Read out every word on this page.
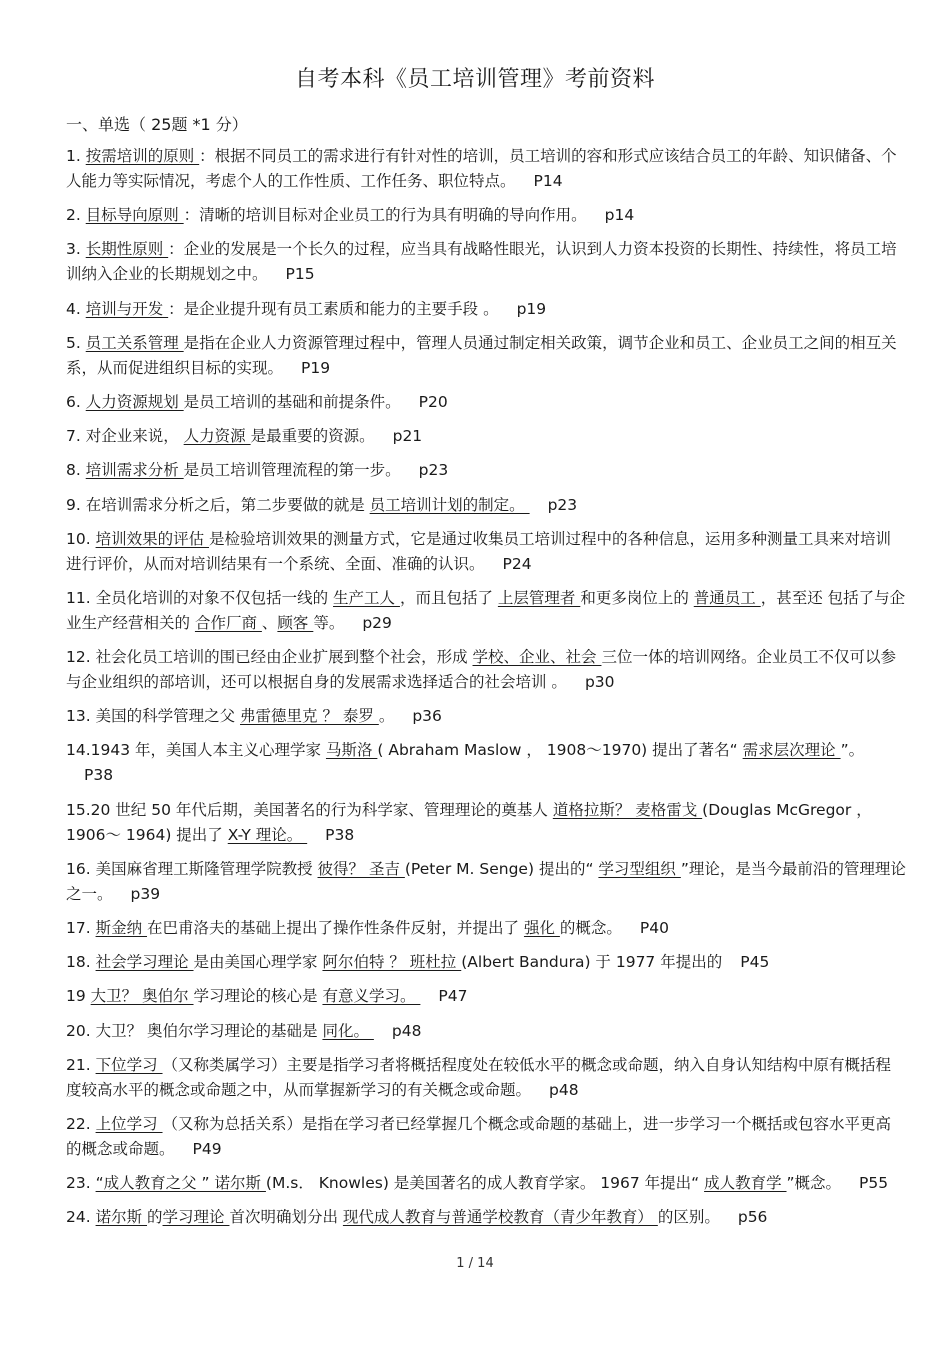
自考本科《员工培训管理》考前资料
一、单选（ 25题 *1 分）
1. 按需培训的原则 ：根据不同员工的需求进行有针对性的培训，员工培训的容和形式应该结合员工的年龄、知识储备、个人能力等实际情况，考虑个人的工作性质、工作任务、职位特点。 P14
2. 目标导向原则 ：清晰的培训目标对企业员工的行为具有明确的导向作用。 p14
3. 长期性原则 ：企业的发展是一个长久的过程，应当具有战略性眼光，认识到人力资本投资的长期性、持续性，将员工培训纳入企业的长期规划之中。 P15
4. 培训与开发 ：是企业提升现有员工素质和能力的主要手段 。 p19
5. 员工关系管理 是指在企业人力资源管理过程中，管理人员通过制定相关政策，调节企业和员工、企业员工之间的相互关系，从而促进组织目标的实现。 P19
6. 人力资源规划 是员工培训的基础和前提条件。 P20
7. 对企业来说， 人力资源 是最重要的资源。 p21
8. 培训需求分析 是员工培训管理流程的第一步。 p23
9. 在培训需求分析之后，第二步要做的就是 员工培训计划的制定。 p23
10. 培训效果的评估 是检验培训效果的测量方式，它是通过收集员工培训过程中的各种信息，运用多种测量工具来对培训进行评价，从而对培训结果有一个系统、全面、准确的认识。 P24
11. 全员化培训的对象不仅包括一线的 生产工人 ，而且包括了 上层管理者 和更多岗位上的 普通员工 ，甚至还 包括了与企业生产经营相关的 合作厂商 、顾客 等。 p29
12. 社会化员工培训的围已经由企业扩展到整个社会，形成 学校、企业、社会 三位一体的培训网络。企业员工不仅可以参与企业组织的部培训，还可以根据自身的发展需求选择适合的社会培训 。 p30
13. 美国的科学管理之父 弗雷德里克 ？ 泰罗 。 p36
14.1943 年，美国人本主义心理学家 马斯洛 ( Abraham Maslow ， 1908～1970) 提出了著名“ 需求层次理论 ”。P38
15.20 世纪 50 年代后期，美国著名的行为科学家、管理理论的奠基人 道格拉斯？ 麦格雷戈 (Douglas McGregor ， 1906～ 1964) 提出了 X-Y 理论。 P38
16. 美国麻省理工斯隆管理学院教授 彼得？ 圣吉 (Peter M. Senge) 提出的“ 学习型组织 ”理论，是当今最前沿的管理理论之一。 p39
17. 斯金纳 在巴甫洛夫的基础上提出了操作性条件反射，并提出了 强化 的概念。 P40
18. 社会学习理论 是由美国心理学家 阿尔伯特 ？ 班杜拉 (Albert Bandura) 于 1977 年提出的 P45
19 大卫？ 奥伯尔 学习理论的核心是 有意义学习。 P47
20. 大卫？ 奥伯尔学习理论的基础是 同化。 p48
21. 下位学习 （又称类属学习）主要是指学习者将概括程度处在较低水平的概念或命题，纳入自身认知结构中原有概括程度较高水平的概念或命题之中，从而掌握新学习的有关概念或命题。 p48
22. 上位学习 （又称为总括关系）是指在学习者已经掌握几个概念或命题的基础上，进一步学习一个概括或包容水平更高的概念或命题。 P49
23. “成人教育之父 ” 诺尔斯 (M.s． Knowles) 是美国著名的成人教育学家。 1967 年提出“ 成人教育学 ”概念。 P55
24. 诺尔斯 的学习理论 首次明确划分出 现代成人教育与普通学校教育（青少年教育） 的区别。 p56
1 / 14
